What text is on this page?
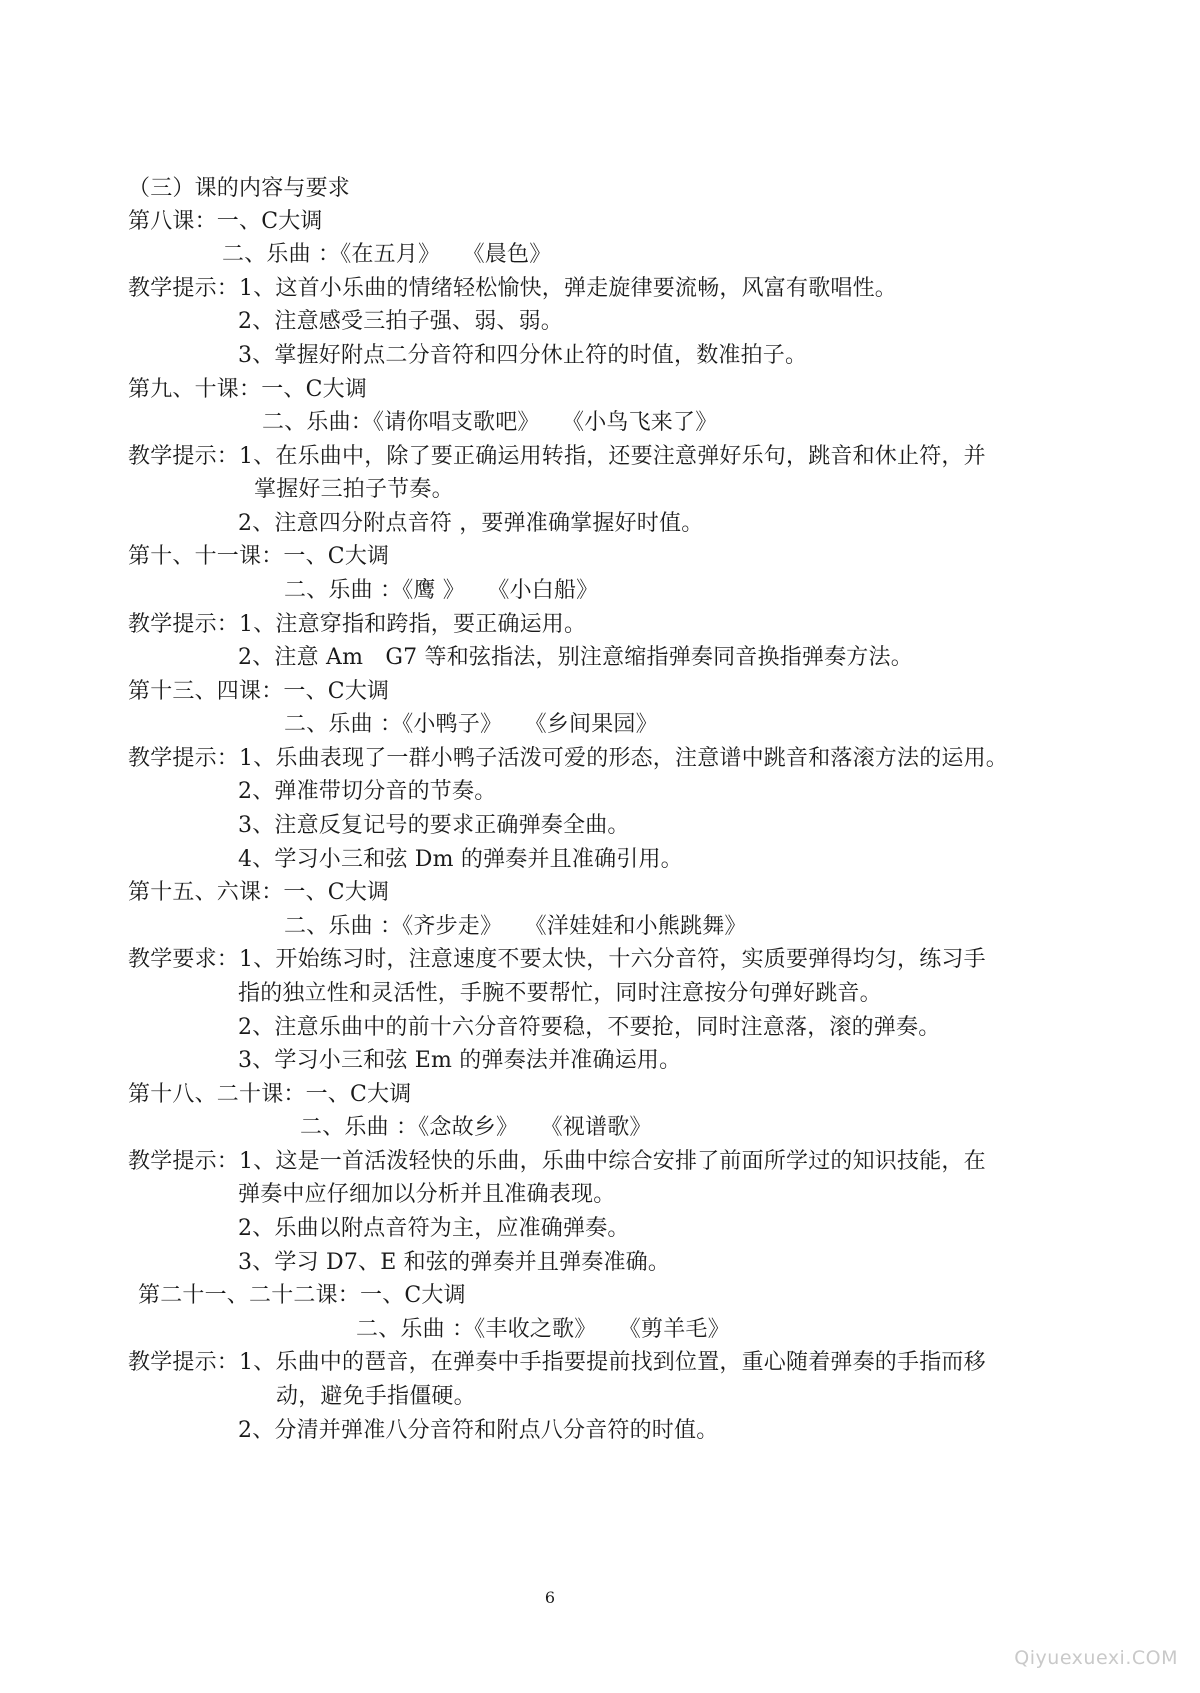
（三）课的内容与要求
第八课：一、C大调
二、乐曲 ：《在五月》　　《晨色》
教学提示：1、这首小乐曲的情绪轻松愉快，弹走旋律要流畅，风富有歌唱性。
2、注意感受三拍子强、弱、弱。
3、掌握好附点二分音符和四分休止符的时值，数准拍子。
第九、十课：一、C大调
二、乐曲：《请你唱支歌吧》　　《小鸟飞来了》
教学提示：1、在乐曲中，除了要正确运用转指，还要注意弹好乐句，跳音和休止符，并
掌握好三拍子节奏。
2、注意四分附点音符 ，要弹准确掌握好时值。
第十、十一课：一、C大调
二、乐曲 ：《鹰 》　　《小白船》
教学提示：1、注意穿指和跨指，要正确运用。
2、注意 Am　G7 等和弦指法，别注意缩指弹奏同音换指弹奏方法。
第十三、四课：一、C大调
二、乐曲 ：《小鸭子》　　《乡间果园》
教学提示：1、乐曲表现了一群小鸭子活泼可爱的形态，注意谱中跳音和落滚方法的运用。
2、弹准带切分音的节奏。
3、注意反复记号的要求正确弹奏全曲。
4、学习小三和弦 Dm 的弹奏并且准确引用。
第十五、六课：一、C大调
二、乐曲 ：《齐步走》　　《洋娃娃和小熊跳舞》
教学要求：1、开始练习时，注意速度不要太快，十六分音符，实质要弹得均匀，练习手
指的独立性和灵活性，手腕不要帮忙，同时注意按分句弹好跳音。
2、注意乐曲中的前十六分音符要稳，不要抢，同时注意落，滚的弹奏。
3、学习小三和弦 Em 的弹奏法并准确运用。
第十八、二十课：一、C大调
二、乐曲 ：《念故乡》　　《视谱歌》
教学提示：1、这是一首活泼轻快的乐曲，乐曲中综合安排了前面所学过的知识技能，在
弹奏中应仔细加以分析并且准确表现。
2、乐曲以附点音符为主，应准确弹奏。
3、学习 D7、E 和弦的弹奏并且弹奏准确。
第二十一、二十二课：一、C大调
二、乐曲 ：《丰收之歌》　　《剪羊毛》
教学提示：1、乐曲中的琶音，在弹奏中手指要提前找到位置，重心随着弹奏的手指而移
动，避免手指僵硬。
2、分清并弹准八分音符和附点八分音符的时值。
6
Qiyuexuexi.COM
